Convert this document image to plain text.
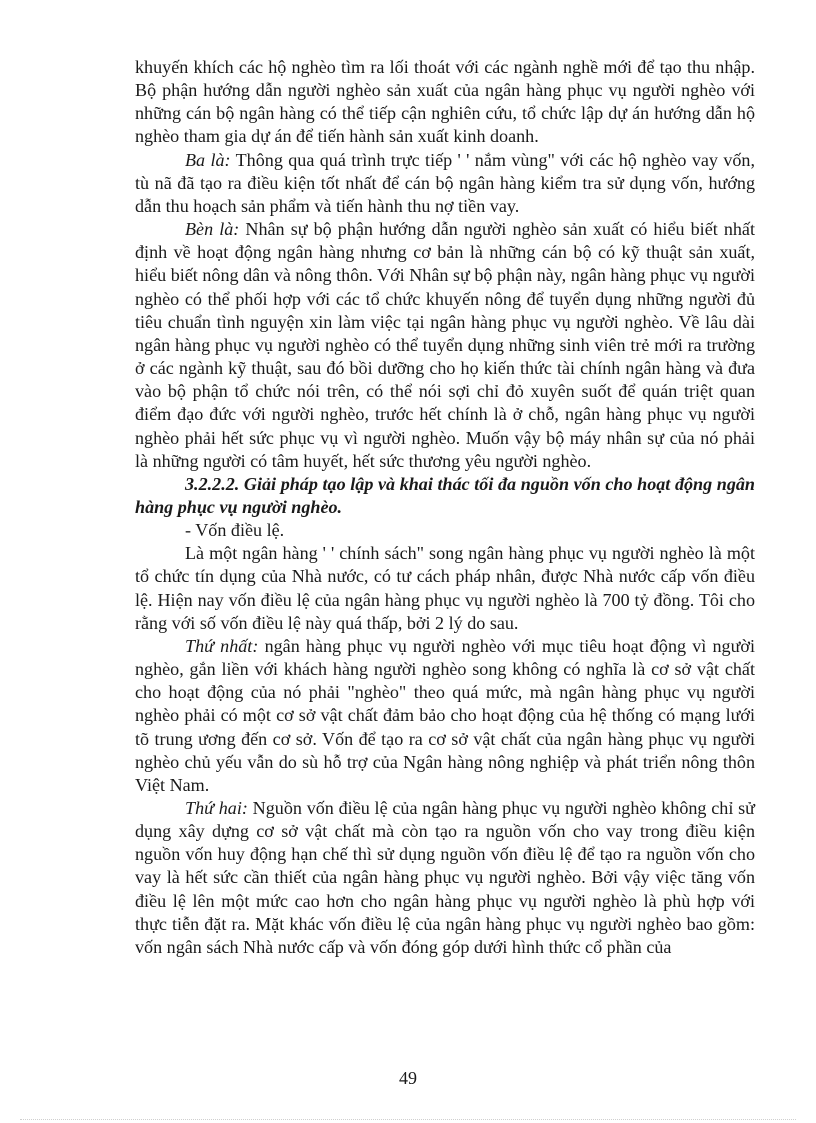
khuyến khích các hộ nghèo tìm ra lối thoát với các ngành nghề mới để tạo thu nhập. Bộ phận hướng dẫn người nghèo sản xuất của ngân hàng phục vụ người nghèo với những cán bộ ngân hàng có thể tiếp cận nghiên cứu, tổ chức lập dự án hướng dẫn hộ nghèo tham gia dự án để tiến hành sản xuất kinh doanh.

Ba là: Thông qua quá trình trực tiếp ' ' nắm vùng" với các hộ nghèo vay vốn, tù nã đã tạo ra điều kiện tốt nhất để cán bộ ngân hàng kiểm tra sử dụng vốn, hướng dẫn thu hoạch sản phẩm và tiến hành thu nợ tiền vay.

Bèn là: Nhân sự bộ phận hướng dẫn người nghèo sản xuất có hiểu biết nhất định về hoạt động ngân hàng nhưng cơ bản là những cán bộ có kỹ thuật sản xuất, hiểu biết nông dân và nông thôn. Với Nhân sự bộ phận này, ngân hàng phục vụ người nghèo có thể phối hợp với các tổ chức khuyến nông để tuyển dụng những người đủ tiêu chuẩn tình nguyện xin làm việc tại ngân hàng phục vụ người nghèo. Về lâu dài ngân hàng phục vụ người nghèo có thể tuyển dụng những sinh viên trẻ mới ra trường ở các ngành kỹ thuật, sau đó bồi dưỡng cho họ kiến thức tài chính ngân hàng và đưa vào bộ phận tổ chức nói trên, có thể nói sợi chỉ đỏ xuyên suốt để quán triệt quan điểm đạo đức với người nghèo, trước hết chính là ở chỗ, ngân hàng phục vụ người nghèo phải hết sức phục vụ vì người nghèo. Muốn vậy bộ máy nhân sự của nó phải là những người có tâm huyết, hết sức thương yêu người nghèo.

3.2.2.2. Giải pháp tạo lập và khai thác tối đa nguồn vốn cho hoạt động ngân hàng phục vụ người nghèo.

- Vốn điều lệ.

Là một ngân hàng ' ' chính sách" song ngân hàng phục vụ người nghèo là một tổ chức tín dụng của Nhà nước, có tư cách pháp nhân, được Nhà nước cấp vốn điều lệ. Hiện nay vốn điều lệ của ngân hàng phục vụ người nghèo là 700 tỷ đồng. Tôi cho rằng với số vốn điều lệ này quá thấp, bởi 2 lý do sau.

Thứ nhất: ngân hàng phục vụ người nghèo với mục tiêu hoạt động vì người nghèo, gắn liền với khách hàng người nghèo song không có nghĩa là cơ sở vật chất cho hoạt động của nó phải "nghèo" theo quá mức, mà ngân hàng phục vụ người nghèo phải có một cơ sở vật chất đảm bảo cho hoạt động của hệ thống có mạng lưới tõ trung ương đến cơ sở. Vốn để tạo ra cơ sở vật chất của ngân hàng phục vụ người nghèo chủ yếu vẫn do sù hỗ trợ của Ngân hàng nông nghiệp và phát triển nông thôn Việt Nam.

Thứ hai: Nguồn vốn điều lệ của ngân hàng phục vụ người nghèo không chỉ sử dụng xây dựng cơ sở vật chất mà còn tạo ra nguồn vốn cho vay trong điều kiện nguồn vốn huy động hạn chế thì sử dụng nguồn vốn điều lệ để tạo ra nguồn vốn cho vay là hết sức cần thiết của ngân hàng phục vụ người nghèo. Bởi vậy việc tăng vốn điều lệ lên một mức cao hơn cho ngân hàng phục vụ người nghèo là phù hợp với thực tiễn đặt ra. Mặt khác vốn điều lệ của ngân hàng phục vụ người nghèo bao gồm: vốn ngân sách Nhà nước cấp và vốn đóng góp dưới hình thức cổ phần của

49
